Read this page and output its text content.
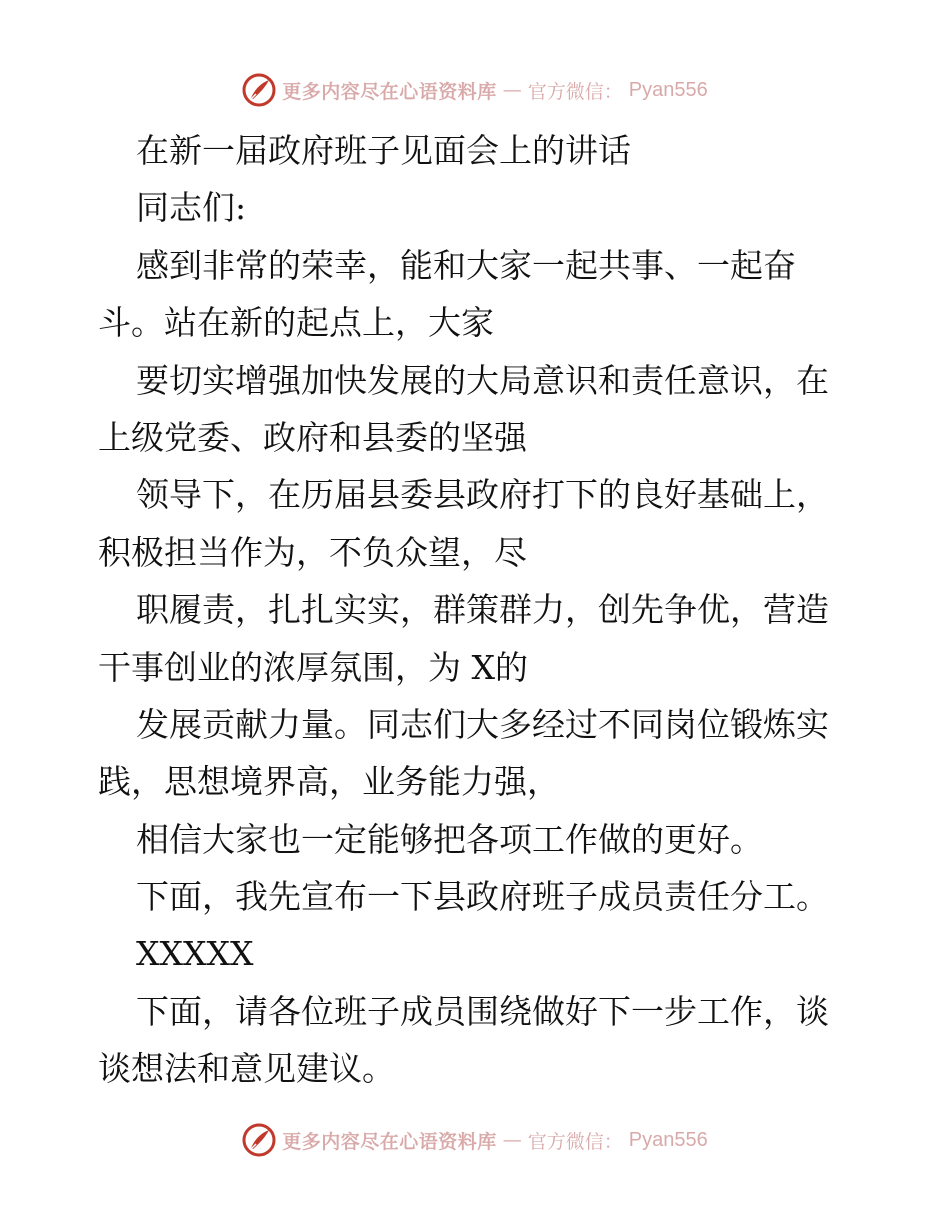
更多内容尽在心语资料库 — 官方微信： Pyan556
在新一届政府班子见面会上的讲话
同志们:
感到非常的荣幸，能和大家一起共事、一起奋
斗。站在新的起点上，大家
要切实增强加快发展的大局意识和责任意识，在
上级党委、政府和县委的坚强
领导下，在历届县委县政府打下的良好基础上，
积极担当作为，不负众望，尽
职履责，扎扎实实，群策群力，创先争优，营造
干事创业的浓厚氛围，为 X的
发展贡献力量。同志们大多经过不同岗位锻炼实
践，思想境界高，业务能力强，
相信大家也一定能够把各项工作做的更好。
下面，我先宣布一下县政府班子成员责任分工。
XXXXX
下面，请各位班子成员围绕做好下一步工作，谈
谈想法和意见建议。
更多内容尽在心语资料库 — 官方微信： Pyan556
